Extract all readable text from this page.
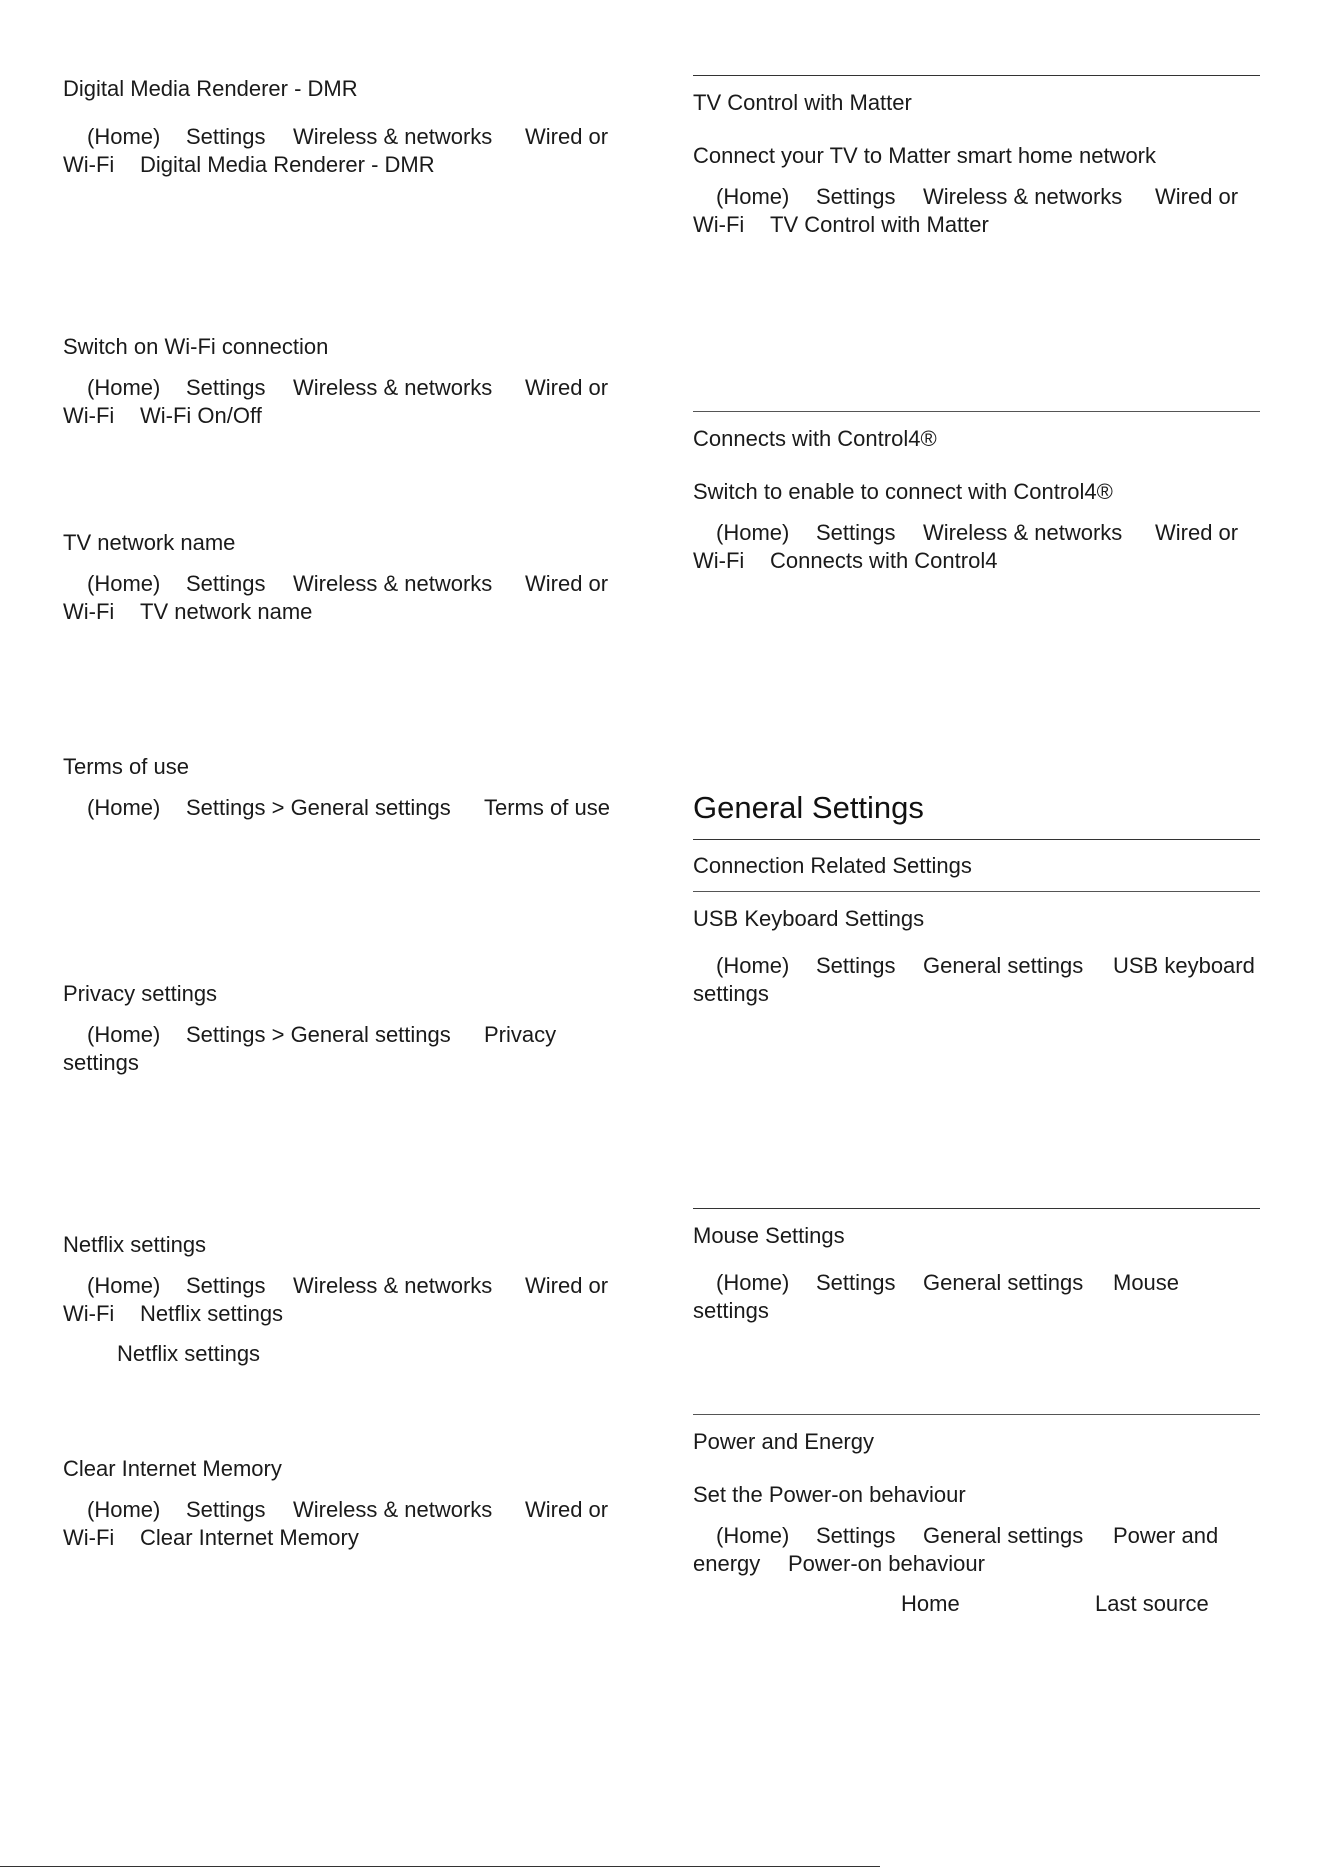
Digital Media Renderer - DMR
(Home) Settings Wireless & networks Wired or
Wi-Fi Digital Media Renderer - DMR
Switch on Wi-Fi connection
(Home) Settings Wireless & networks Wired or
Wi-Fi Wi-Fi On/Off
TV network name
(Home) Settings Wireless & networks Wired or
Wi-Fi TV network name
Terms of use
(Home) Settings > General settings Terms of use
Privacy settings
(Home) Settings > General settings Privacy
settings
Netflix settings
(Home) Settings Wireless & networks Wired or
Wi-Fi Netflix settings
Netflix settings
Clear Internet Memory
(Home) Settings Wireless & networks Wired or
Wi-Fi Clear Internet Memory
TV Control with Matter
Connect your TV to Matter smart home network
(Home) Settings Wireless & networks Wired or
Wi-Fi TV Control with Matter
Connects with Control4®
Switch to enable to connect with Control4®
(Home) Settings Wireless & networks Wired or
Wi-Fi Connects with Control4
General Settings
Connection Related Settings
USB Keyboard Settings
(Home) Settings General settings USB keyboard
settings
Mouse Settings
(Home) Settings General settings Mouse
settings
Power and Energy
Set the Power-on behaviour
(Home) Settings General settings Power and
energy Power-on behaviour
Home	Last source
